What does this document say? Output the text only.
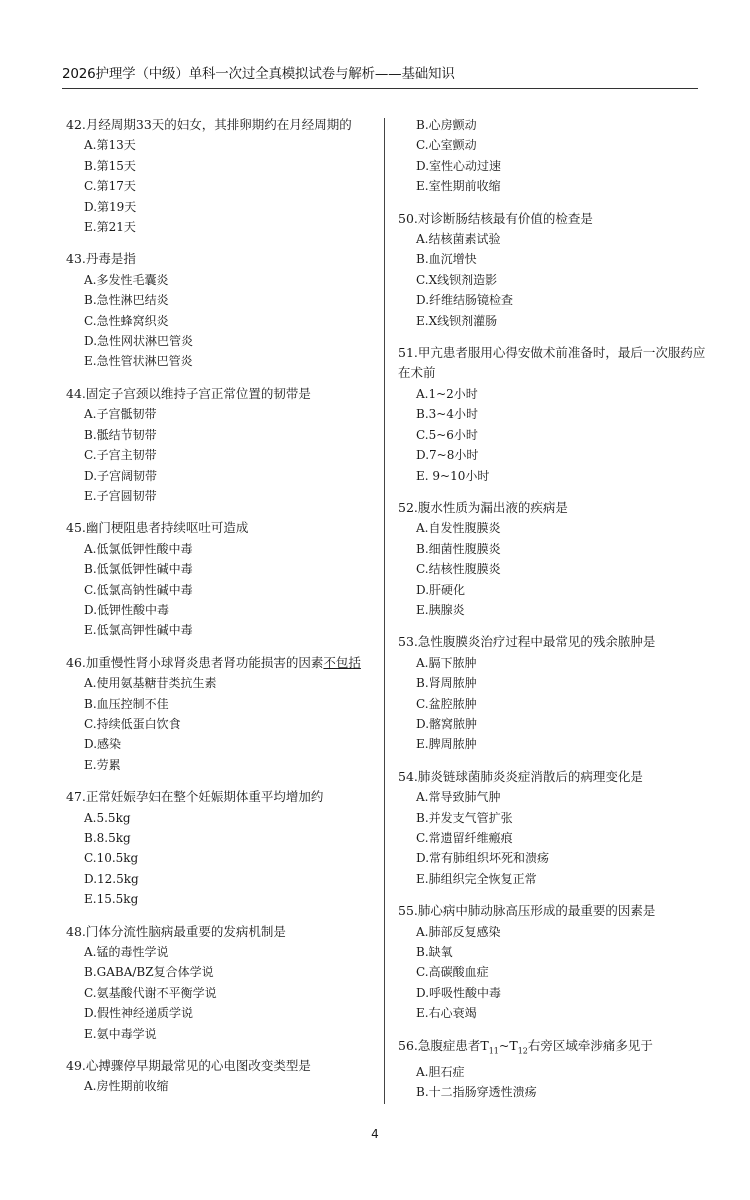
2026护理学（中级）单科一次过全真模拟试卷与解析——基础知识

42.月经周期33天的妇女，其排卵期约在月经周期的

A.第13天

B.第15天

C.第17天

D.第19天

E.第21天

43.丹毒是指

A.多发性毛囊炎

B.急性淋巴结炎

C.急性蜂窝织炎

D.急性网状淋巴管炎

E.急性管状淋巴管炎

44.固定子宫颈以维持子宫正常位置的韧带是

A.子宫骶韧带

B.骶结节韧带

C.子宫主韧带

D.子宫阔韧带

E.子宫圆韧带

45.幽门梗阻患者持续呕吐可造成

A.低氯低钾性酸中毒

B.低氯低钾性碱中毒

C.低氯高钠性碱中毒

D.低钾性酸中毒

E.低氯高钾性碱中毒

46.加重慢性肾小球肾炎患者肾功能损害的因素不包括

A.使用氨基糖苷类抗生素

B.血压控制不佳

C.持续低蛋白饮食

D.感染

E.劳累

47.正常妊娠孕妇在整个妊娠期体重平均增加约

A.5.5kg

B.8.5kg

C.10.5kg

D.12.5kg

E.15.5kg

48.门体分流性脑病最重要的发病机制是

A.锰的毒性学说

B.GABA/BZ复合体学说

C.氨基酸代谢不平衡学说

D.假性神经递质学说

E.氨中毒学说

49.心搏骤停早期最常见的心电图改变类型是

A.房性期前收缩

B.心房颤动

C.心室颤动

D.室性心动过速

E.室性期前收缩

50.对诊断肠结核最有价值的检查是

A.结核菌素试验

B.血沉增快

C.X线钡剂造影

D.纤维结肠镜检查

E.X线钡剂灌肠

51.甲亢患者服用心得安做术前准备时，最后一次服药应

在术前

A.1~2小时

B.3~4小时

C.5~6小时

D.7~8小时

E. 9~10小时

52.腹水性质为漏出液的疾病是

A.自发性腹膜炎

B.细菌性腹膜炎

C.结核性腹膜炎

D.肝硬化

E.胰腺炎

53.急性腹膜炎治疗过程中最常见的残余脓肿是

A.膈下脓肿

B.肾周脓肿

C.盆腔脓肿

D.髂窝脓肿

E.脾周脓肿

54.肺炎链球菌肺炎炎症消散后的病理变化是

A.常导致肺气肿

B.并发支气管扩张

C.常遗留纤维瘢痕

D.常有肺组织坏死和溃疡

E.肺组织完全恢复正常

55.肺心病中肺动脉高压形成的最重要的因素是

A.肺部反复感染

B.缺氧

C.高碳酸血症

D.呼吸性酸中毒

E.右心衰竭

56.急腹症患者$T_{11}\sim T_{12}$右旁区域牵涉痛多见于

A.胆石症

B.十二指肠穿透性溃疡

4
